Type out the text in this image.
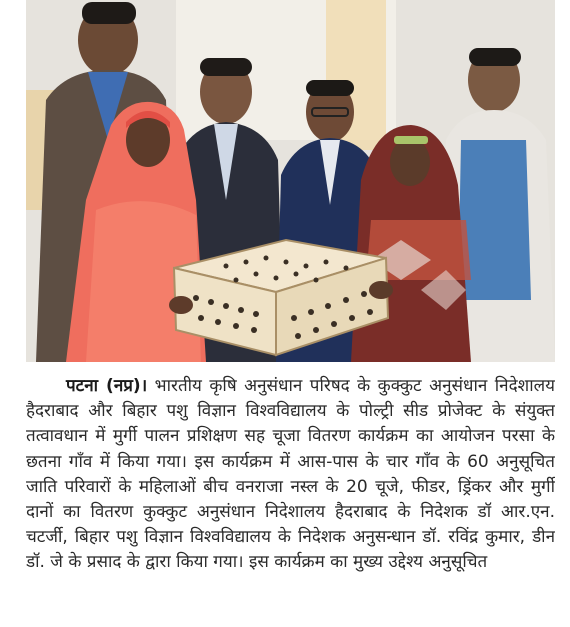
पटना (नप्र)। भारतीय कृषि अनुसंधान परिषद के कुक्कुट अनुसंधान निदेशालय हैदराबाद और बिहार पशु विज्ञान विश्वविद्यालय के पोल्ट्री सीड प्रोजेक्ट के संयुक्त तत्वावधान में मुर्गी पालन प्रशिक्षण सह चूजा वितरण कार्यक्रम का आयोजन परसा के छतना गाँव में किया गया। इस कार्यक्रम में आस-पास के चार गाँव के 60 अनुसूचित जाति परिवारों के महिलाओं बीच वनराजा नस्ल के 20 चूजे, फीडर, ड्रिंकर और मुर्गी दानों का वितरण कुक्कुट अनुसंधान निदेशालय हैदराबाद के निदेशक डॉ आर.एन. चटर्जी, बिहार पशु विज्ञान विश्वविद्यालय के निदेशक अनुसन्धान डॉ. रविंद्र कुमार, डीन डॉ. जे के प्रसाद के द्वारा किया गया। इस कार्यक्रम का मुख्य उद्देश्य अनुसूचित
